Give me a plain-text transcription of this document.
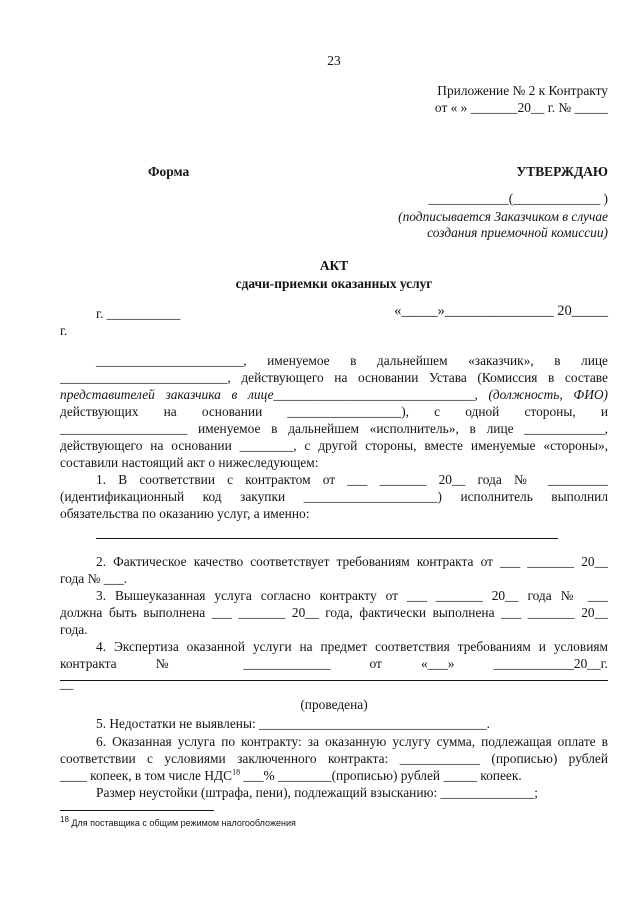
23
Приложение № 2 к Контракту
от « » _______20__ г. № _____
Форма	УТВЕРЖДАЮ
____________(_____________ )
(подписывается Заказчиком в случае
создания приемочной комиссии)
АКТ
сдачи-приемки оказанных услуг
г. ___________	«_____»_______________ 20_____
г.
______________________, именуемое в дальнейшем «заказчик», в лице
_________________________, действующего на основании Устава (Комиссия в составе
представителей заказчика в лице______________________________, (должность, ФИО)
действующих на основании _________________), с одной стороны, и
___________________ именуемое в дальнейшем «исполнитель», в лице ____________,
действующего на основании ________, с другой стороны, вместе именуемые «стороны»,
составили настоящий акт о нижеследующем:
1. В соответствии с контрактом от ___ _______ 20__ года № _________
(идентификационный код закупки ____________________) исполнитель выполнил
обязательства по оказанию услуг, а именно:
2. Фактическое качество соответствует требованиям контракта от ___ _______ 20__
года № ___.
3. Вышеуказанная услуга согласно контракту от ___ _______ 20__ года № ___
должна быть выполнена ___ _______ 20__ года, фактически выполнена ___ _______ 20__
года.
4. Экспертиза оказанной услуги на предмет соответствия требованиям и условиям
контракта № _____________ от «___» ____________20__г.
__
(проведена)
5. Недостатки не выявлены: __________________________________.
6. Оказанная услуга по контракту: за оказанную услугу сумма, подлежащая оплате в
соответствии с условиями заключенного контракта: ____________ (прописью) рублей
____ копеек, в том числе НДС$^{18}$ ___% ________(прописью) рублей _____ копеек.
Размер неустойки (штрафа, пени), подлежащий взысканию: ______________;
$^{18}$ Для поставщика с общим режимом налогообложения
